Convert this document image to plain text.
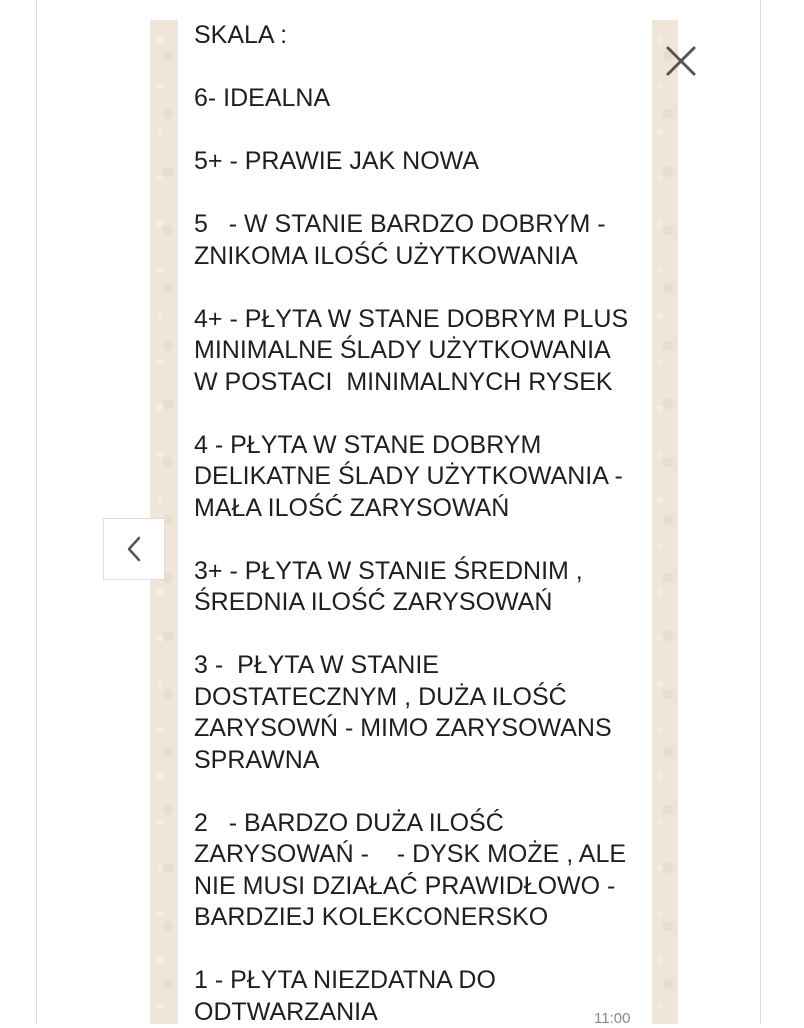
SKALA :

6- IDEALNA

5+ - PRAWIE JAK NOWA

5   - W STANIE BARDZO DOBRYM -
ZNIKOMA ILOŚĆ UŻYTKOWANIA

4+ - PŁYTA W STANE DOBRYM PLUS
MINIMALNE ŚLADY UŻYTKOWANIA
W POSTACI  MINIMALNYCH RYSEK

4 - PŁYTA W STANE DOBRYM
DELIKATNE ŚLADY UŻYTKOWANIA -
MAŁA ILOŚĆ ZARYSOWAŃ

3+ - PŁYTA W STANIE ŚREDNIM ,
ŚREDNIA ILOŚĆ ZARYSOWAŃ

3 -  PŁYTA W STANIE
DOSTATECZNYM , DUŻA ILOŚĆ
ZARYSOWŃ - MIMO ZARYSOWANS
SPRAWNA

2   - BARDZO DUŻA ILOŚĆ
ZARYSOWAŃ -    - DYSK MOŻE , ALE
NIE MUSI DZIAŁAĆ PRAWIDŁOWO -
BARDZIEJ KOLEKCONERSKO

1 - PŁYTA NIEZDATNA DO
ODTWARZANIA	11:00
